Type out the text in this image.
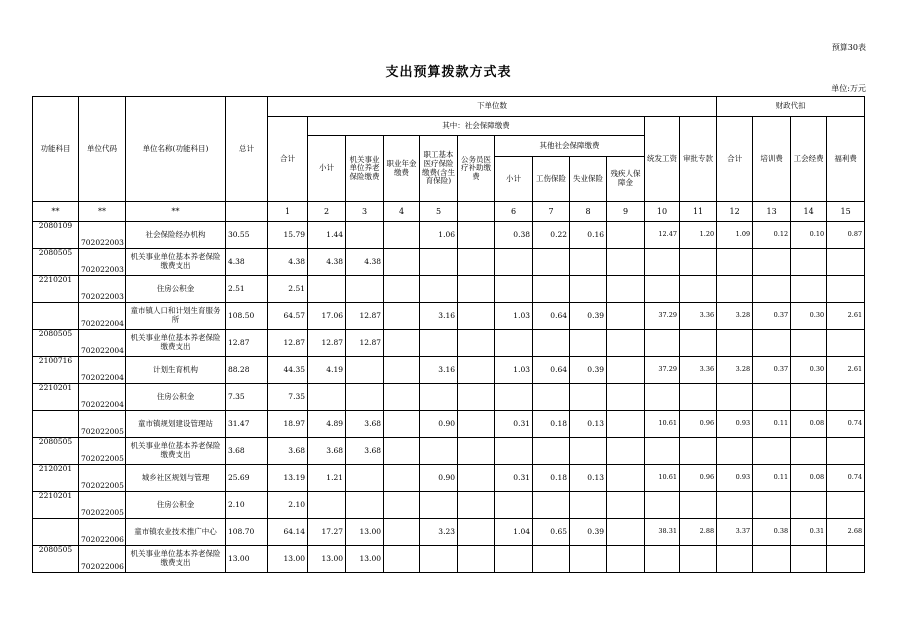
预算30表
支出预算拨款方式表
单位:万元
功能科目	单位代码	单位名称(功能科目)	总计	下单位数												财政代扣			
				合计	其中：社会保障缴费									统发工资	审批专款	合计	培训费	工会经费	福利费
					小计	机关事业单位养老保险缴费	职业年金缴费	职工基本医疗保险缴费(含生育保险)	公务员医疗补助缴费	其他社会保障缴费									
										小计	工伤保险	失业保险	残疾人保障金						
**	**	**		1	2	3	4	5		6	7	8	9	10	11	12	13	14	15
2080109	702022003	社会保险经办机构	30.55	15.79	1.44			1.06		0.38	0.22	0.16		12.47	1.20	1.09	0.12	0.10	0.87
2080505	702022003	机关事业单位基本养老保险缴费支出	4.38	4.38	4.38	4.38													
2210201	702022003	住房公积金	2.51	2.51															
	702022004	童市镇人口和计划生育服务所	108.50	64.57	17.06	12.87		3.16		1.03	0.64	0.39		37.29	3.36	3.28	0.37	0.30	2.61
2080505	702022004	机关事业单位基本养老保险缴费支出	12.87	12.87	12.87	12.87													
2100716	702022004	计划生育机构	88.28	44.35	4.19			3.16		1.03	0.64	0.39		37.29	3.36	3.28	0.37	0.30	2.61
2210201	702022004	住房公积金	7.35	7.35															
	702022005	童市镇规划建设管理站	31.47	18.97	4.89	3.68		0.90		0.31	0.18	0.13		10.61	0.96	0.93	0.11	0.08	0.74
2080505	702022005	机关事业单位基本养老保险缴费支出	3.68	3.68	3.68	3.68													
2120201	702022005	城乡社区规划与管理	25.69	13.19	1.21			0.90		0.31	0.18	0.13		10.61	0.96	0.93	0.11	0.08	0.74
2210201	702022005	住房公积金	2.10	2.10															
	702022006	童市镇农业技术推广中心	108.70	64.14	17.27	13.00		3.23		1.04	0.65	0.39		38.31	2.88	3.37	0.38	0.31	2.68
2080505	702022006	机关事业单位基本养老保险缴费支出	13.00	13.00	13.00	13.00													
